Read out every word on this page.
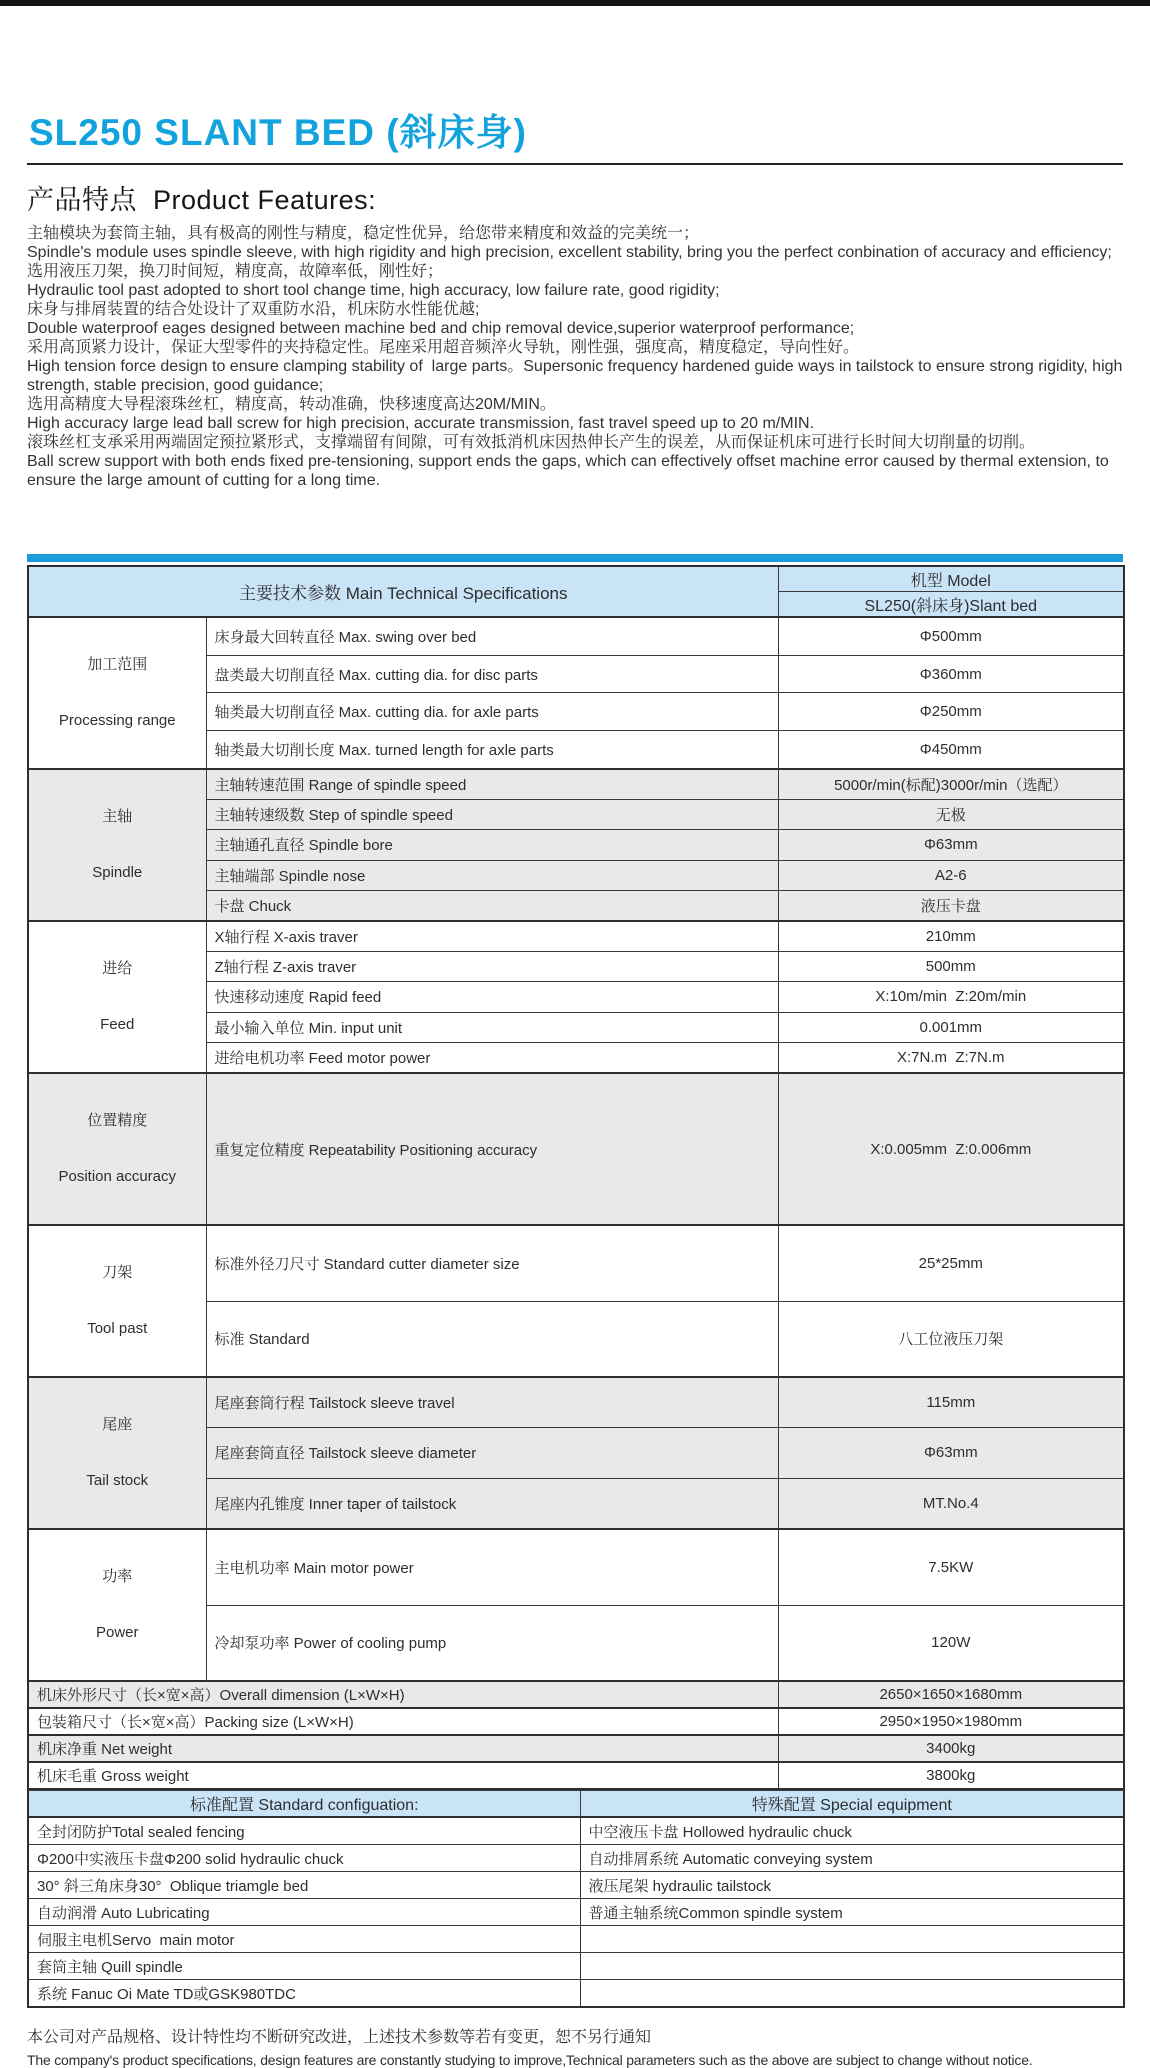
SL250 SLANT BED (斜床身)
产品特点  Product Features:
主轴模块为套筒主轴，具有极高的刚性与精度，稳定性优异，给您带来精度和效益的完美统一；
Spindle's module uses spindle sleeve, with high rigidity and high precision, excellent stability, bring you the perfect conbination of accuracy and efficiency;
选用液压刀架，换刀时间短，精度高，故障率低，刚性好；
Hydraulic tool past adopted to short tool change time, high accuracy, low failure rate, good rigidity;
床身与排屑装置的结合处设计了双重防水沿，机床防水性能优越;
Double waterproof eages designed between machine bed and chip removal device,superior waterproof performance;
采用高顶紧力设计，保证大型零件的夹持稳定性。尾座采用超音频淬火导轨，刚性强，强度高，精度稳定，导向性好。
High tension force design to ensure clamping stability of  large parts。Supersonic frequency hardened guide ways in tailstock to ensure strong rigidity, high strength, stable precision, good guidance;
选用高精度大导程滚珠丝杠，精度高，转动准确，快移速度高达20M/MIN。
High accuracy large lead ball screw for high precision, accurate transmission, fast travel speed up to 20 m/MIN.
滚珠丝杠支承采用两端固定预拉紧形式，支撑端留有间隙，可有效抵消机床因热伸长产生的误差，从而保证机床可进行长时间大切削量的切削。
Ball screw support with both ends fixed pre-tensioning, support ends the gaps, which can effectively offset machine error caused by thermal extension, to ensure the large amount of cutting for a long time.
主要技术参数 Main Technical Specifications		机型 Model
		SL250(斜床身)Slant bed

加工范围

Processing range	床身最大回转直径 Max. swing over bed	Φ500mm
	盘类最大切削直径 Max. cutting dia. for disc parts	Φ360mm
	轴类最大切削直径 Max. cutting dia. for axle parts	Φ250mm
	轴类最大切削长度 Max. turned length for axle parts	Φ450mm

主轴

Spindle	主轴转速范围 Range of spindle speed	5000r/min(标配)3000r/min（选配）
	主轴转速级数 Step of spindle speed	无极
	主轴通孔直径 Spindle bore	Φ63mm
	主轴端部 Spindle nose	A2-6
	卡盘 Chuck	液压卡盘

进给

Feed	X轴行程 X-axis traver	210mm
	Z轴行程 Z-axis traver	500mm
	快速移动速度 Rapid feed	X:10m/min  Z:20m/min
	最小输入单位 Min. input unit	0.001mm
	进给电机功率 Feed motor power	X:7N.m  Z:7N.m

位置精度

Position accuracy	重复定位精度 Repeatability Positioning accuracy	X:0.005mm  Z:0.006mm

刀架

Tool past	标准外径刀尺寸 Standard cutter diameter size	25*25mm
	标准 Standard	八工位液压刀架

尾座

Tail stock	尾座套筒行程 Tailstock sleeve travel	115mm
	尾座套筒直径 Tailstock sleeve diameter	Φ63mm
	尾座内孔锥度 Inner taper of tailstock	MT.No.4

功率

Power	主电机功率 Main motor power	7.5KW
	冷却泵功率 Power of cooling pump	120W
机床外形尺寸（长×宽×高）Overall dimension (L×W×H)		2650×1650×1680mm
包装箱尺寸（长×宽×高）Packing size (L×W×H)		2950×1950×1980mm
机床净重 Net weight		3400kg
机床毛重 Gross weight		3800kg
标准配置 Standard configuation:	特殊配置 Special equipment
全封闭防护Total sealed fencing	中空液压卡盘 Hollowed hydraulic chuck
Φ200中实液压卡盘Φ200 solid hydraulic chuck	自动排屑系统 Automatic conveying system
30° 斜三角床身30°  Oblique triamgle bed	液压尾架 hydraulic tailstock
自动润滑 Auto Lubricating	普通主轴系统Common spindle system
伺服主电机Servo  main motor	
套筒主轴 Quill spindle	
系统 Fanuc Oi Mate TD或GSK980TDC	
本公司对产品规格、设计特性均不断研究改进，上述技术参数等若有变更，恕不另行通知
The company's product specifications, design features are constantly studying to improve,Technical parameters such as the above are subject to change without notice.
